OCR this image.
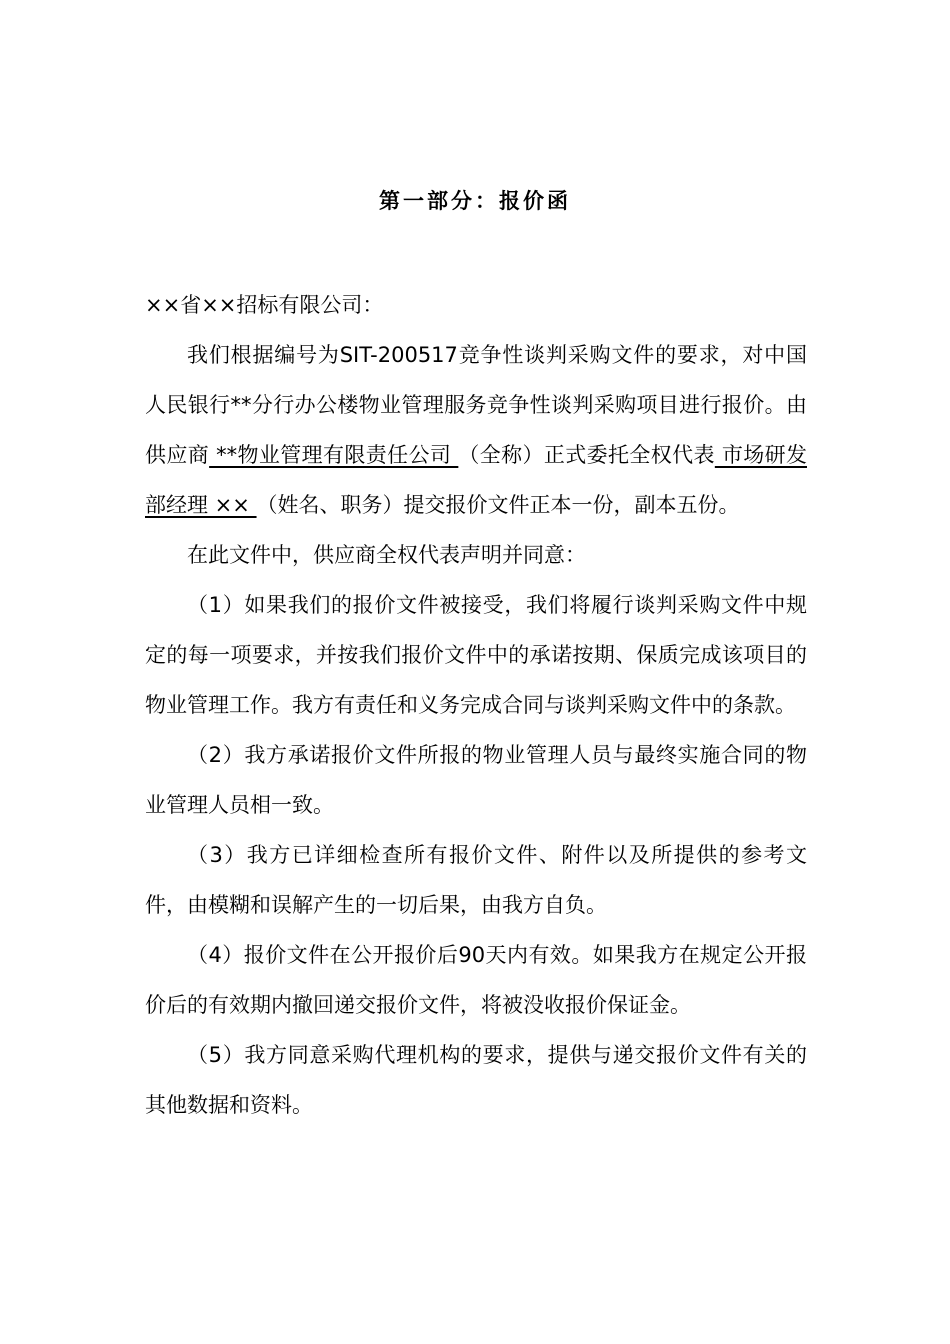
第一部分：报价函

××省××招标有限公司：

我们根据编号为SIT-200517竞争性谈判采购文件的要求，对中国人民银行**分行办公楼物业管理服务竞争性谈判采购项目进行报价。由供应商 **物业管理有限责任公司 （全称）正式委托全权代表 市场研发部经理 ×× （姓名、职务）提交报价文件正本一份，副本五份。

在此文件中，供应商全权代表声明并同意：

（1）如果我们的报价文件被接受，我们将履行谈判采购文件中规定的每一项要求，并按我们报价文件中的承诺按期、保质完成该项目的物业管理工作。我方有责任和义务完成合同与谈判采购文件中的条款。

（2）我方承诺报价文件所报的物业管理人员与最终实施合同的物业管理人员相一致。

（3）我方已详细检查所有报价文件、附件以及所提供的参考文件，由模糊和误解产生的一切后果，由我方自负。

（4）报价文件在公开报价后90天内有效。如果我方在规定公开报价后的有效期内撤回递交报价文件，将被没收报价保证金。

（5）我方同意采购代理机构的要求，提供与递交报价文件有关的其他数据和资料。
